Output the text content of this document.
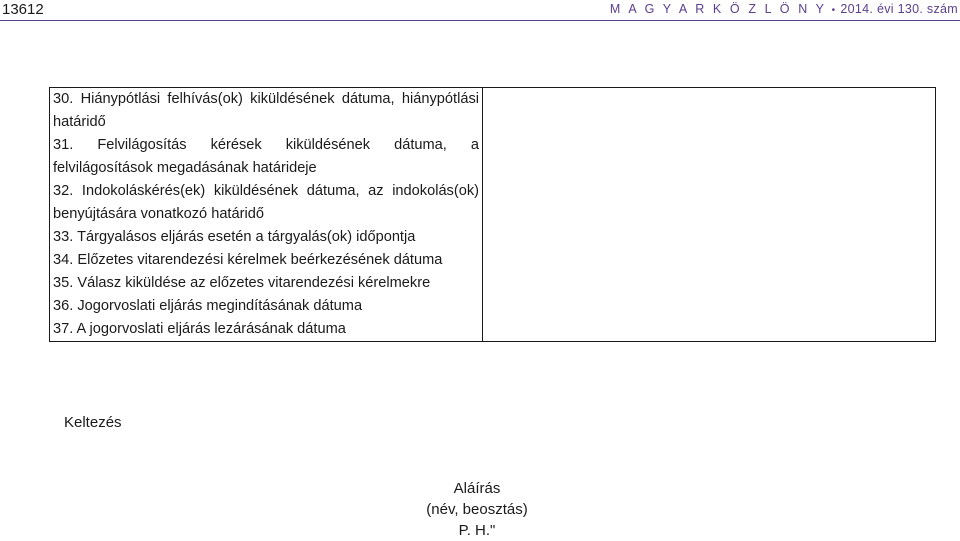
13612	M A G Y A R K Ö Z L Ö N Y • 2014. évi 130. szám
30. Hiánypótlási felhívás(ok) kiküldésének dátuma, hiánypótlási határidő
31. Felvilágosítás kérések kiküldésének dátuma, a felvilágosítások megadásának határideje
32. Indokoláskérés(ek) kiküldésének dátuma, az indokolás(ok) benyújtására vonatkozó határidő
33. Tárgyalásos eljárás esetén a tárgyalás(ok) időpontja
34. Előzetes vitarendezési kérelmek beérkezésének dátuma
35. Válasz kiküldése az előzetes vitarendezési kérelmekre
36. Jogorvoslati eljárás megindításának dátuma
37. A jogorvoslati eljárás lezárásának dátuma

Keltezés
Aláírás
(név, beosztás)
P. H."
